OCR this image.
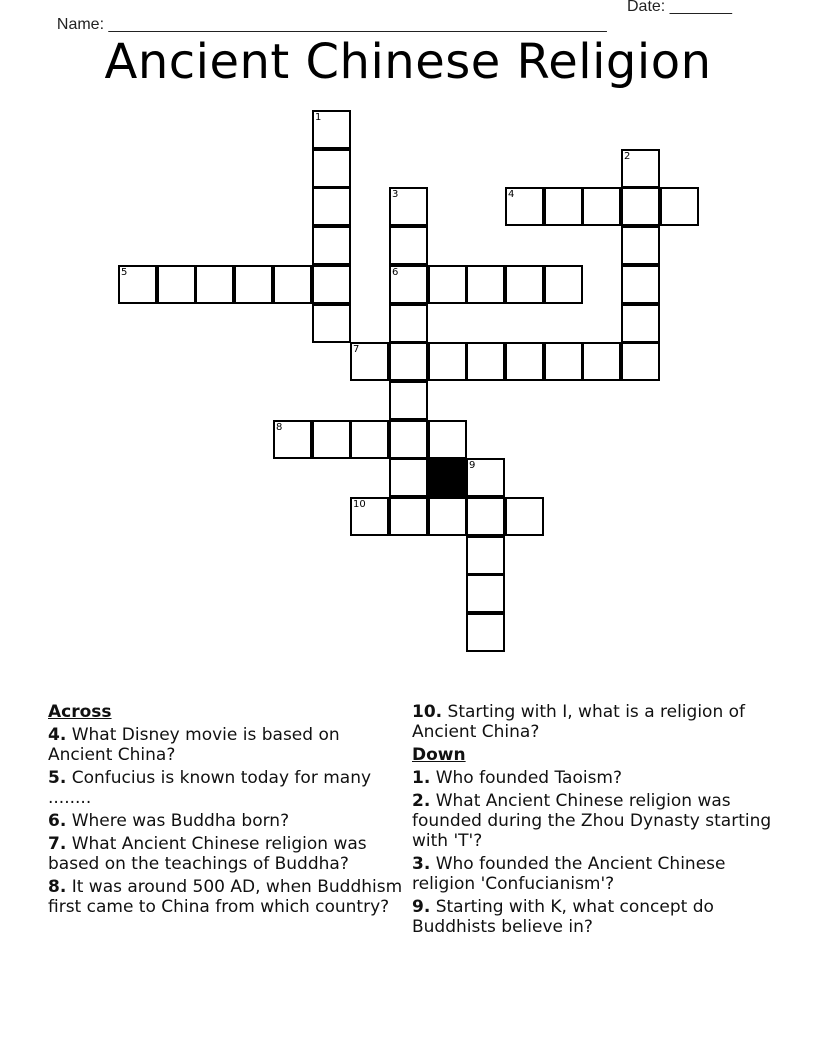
Name: ________________________________________________________

Date: _______

Ancient Chinese Religion
1
2
3
6
4
5
7
8
9
10
Across
4. What Disney movie is based on Ancient China?
5. Confucius is known today for many ........
6. Where was Buddha born?
7. What Ancient Chinese religion was based on the teachings of Buddha?
8. It was around 500 AD, when Buddhism first came to China from which country?
10. Starting with I, what is a religion of Ancient China?
Down
1. Who founded Taoism?
2. What Ancient Chinese religion was founded during the Zhou Dynasty starting with 'T'?
3. Who founded the Ancient Chinese religion 'Confucianism'?
9. Starting with K, what concept do Buddhists believe in?
